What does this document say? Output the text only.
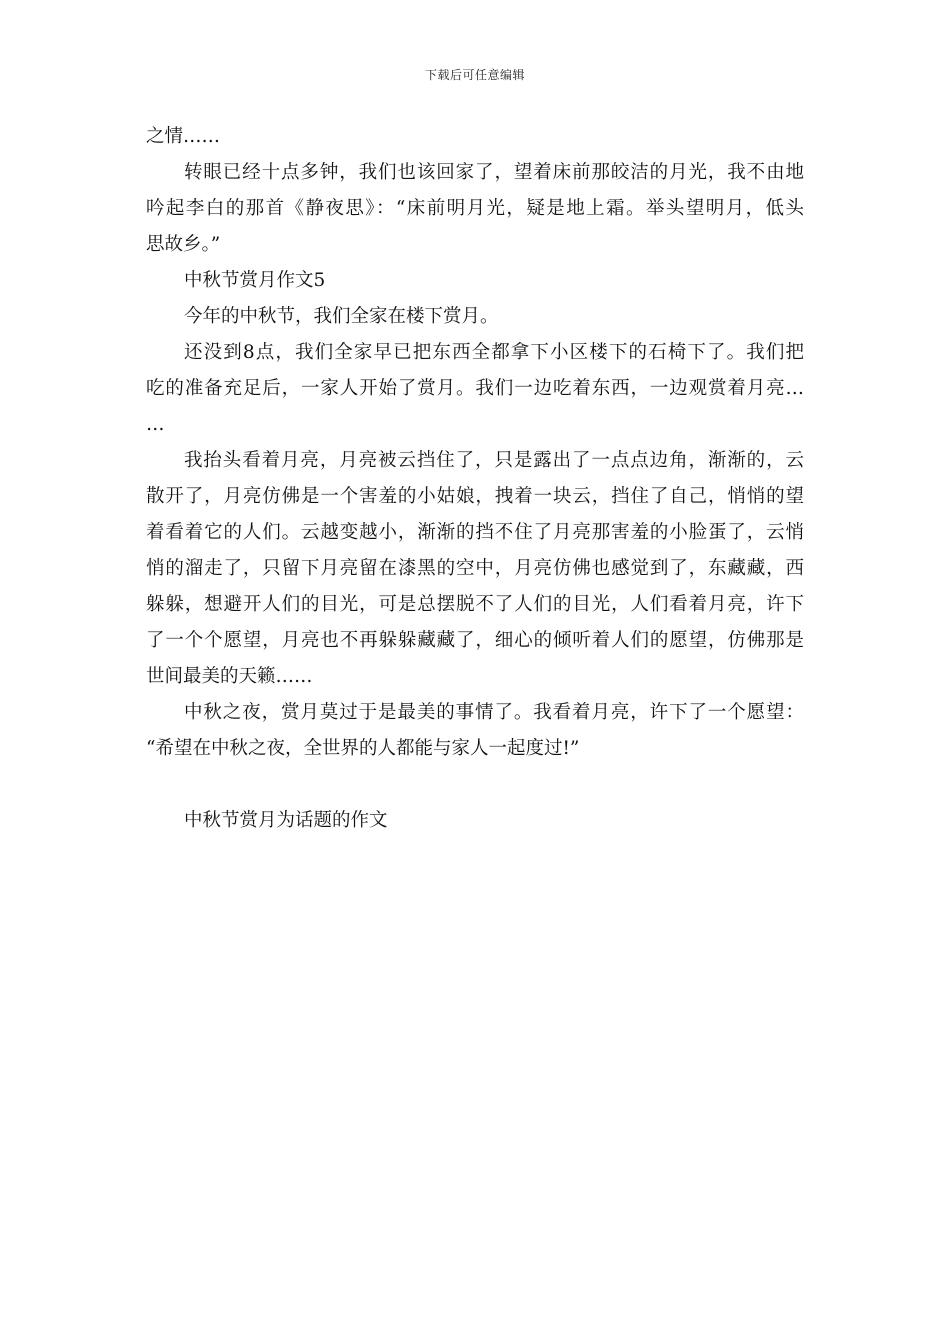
下载后可任意编辑
之情……
转眼已经十点多钟，我们也该回家了，望着床前那皎洁的月光，我不由地
吟起李白的那首《静夜思》：“床前明月光，疑是地上霜。举头望明月，低头
思故乡。”
中秋节赏月作文5
今年的中秋节，我们全家在楼下赏月。
还没到8点，我们全家早已把东西全都拿下小区楼下的石椅下了。我们把
吃的准备充足后，一家人开始了赏月。我们一边吃着东西，一边观赏着月亮…
…
我抬头看着月亮，月亮被云挡住了，只是露出了一点点边角，渐渐的，云
散开了，月亮仿佛是一个害羞的小姑娘，拽着一块云，挡住了自己，悄悄的望
着看着它的人们。云越变越小，渐渐的挡不住了月亮那害羞的小脸蛋了，云悄
悄的溜走了，只留下月亮留在漆黑的空中，月亮仿佛也感觉到了，东藏藏，西
躲躲，想避开人们的目光，可是总摆脱不了人们的目光，人们看着月亮，许下
了一个个愿望，月亮也不再躲躲藏藏了，细心的倾听着人们的愿望，仿佛那是
世间最美的天籁……
中秋之夜，赏月莫过于是最美的事情了。我看着月亮，许下了一个愿望：
“希望在中秋之夜，全世界的人都能与家人一起度过!”
中秋节赏月为话题的作文
